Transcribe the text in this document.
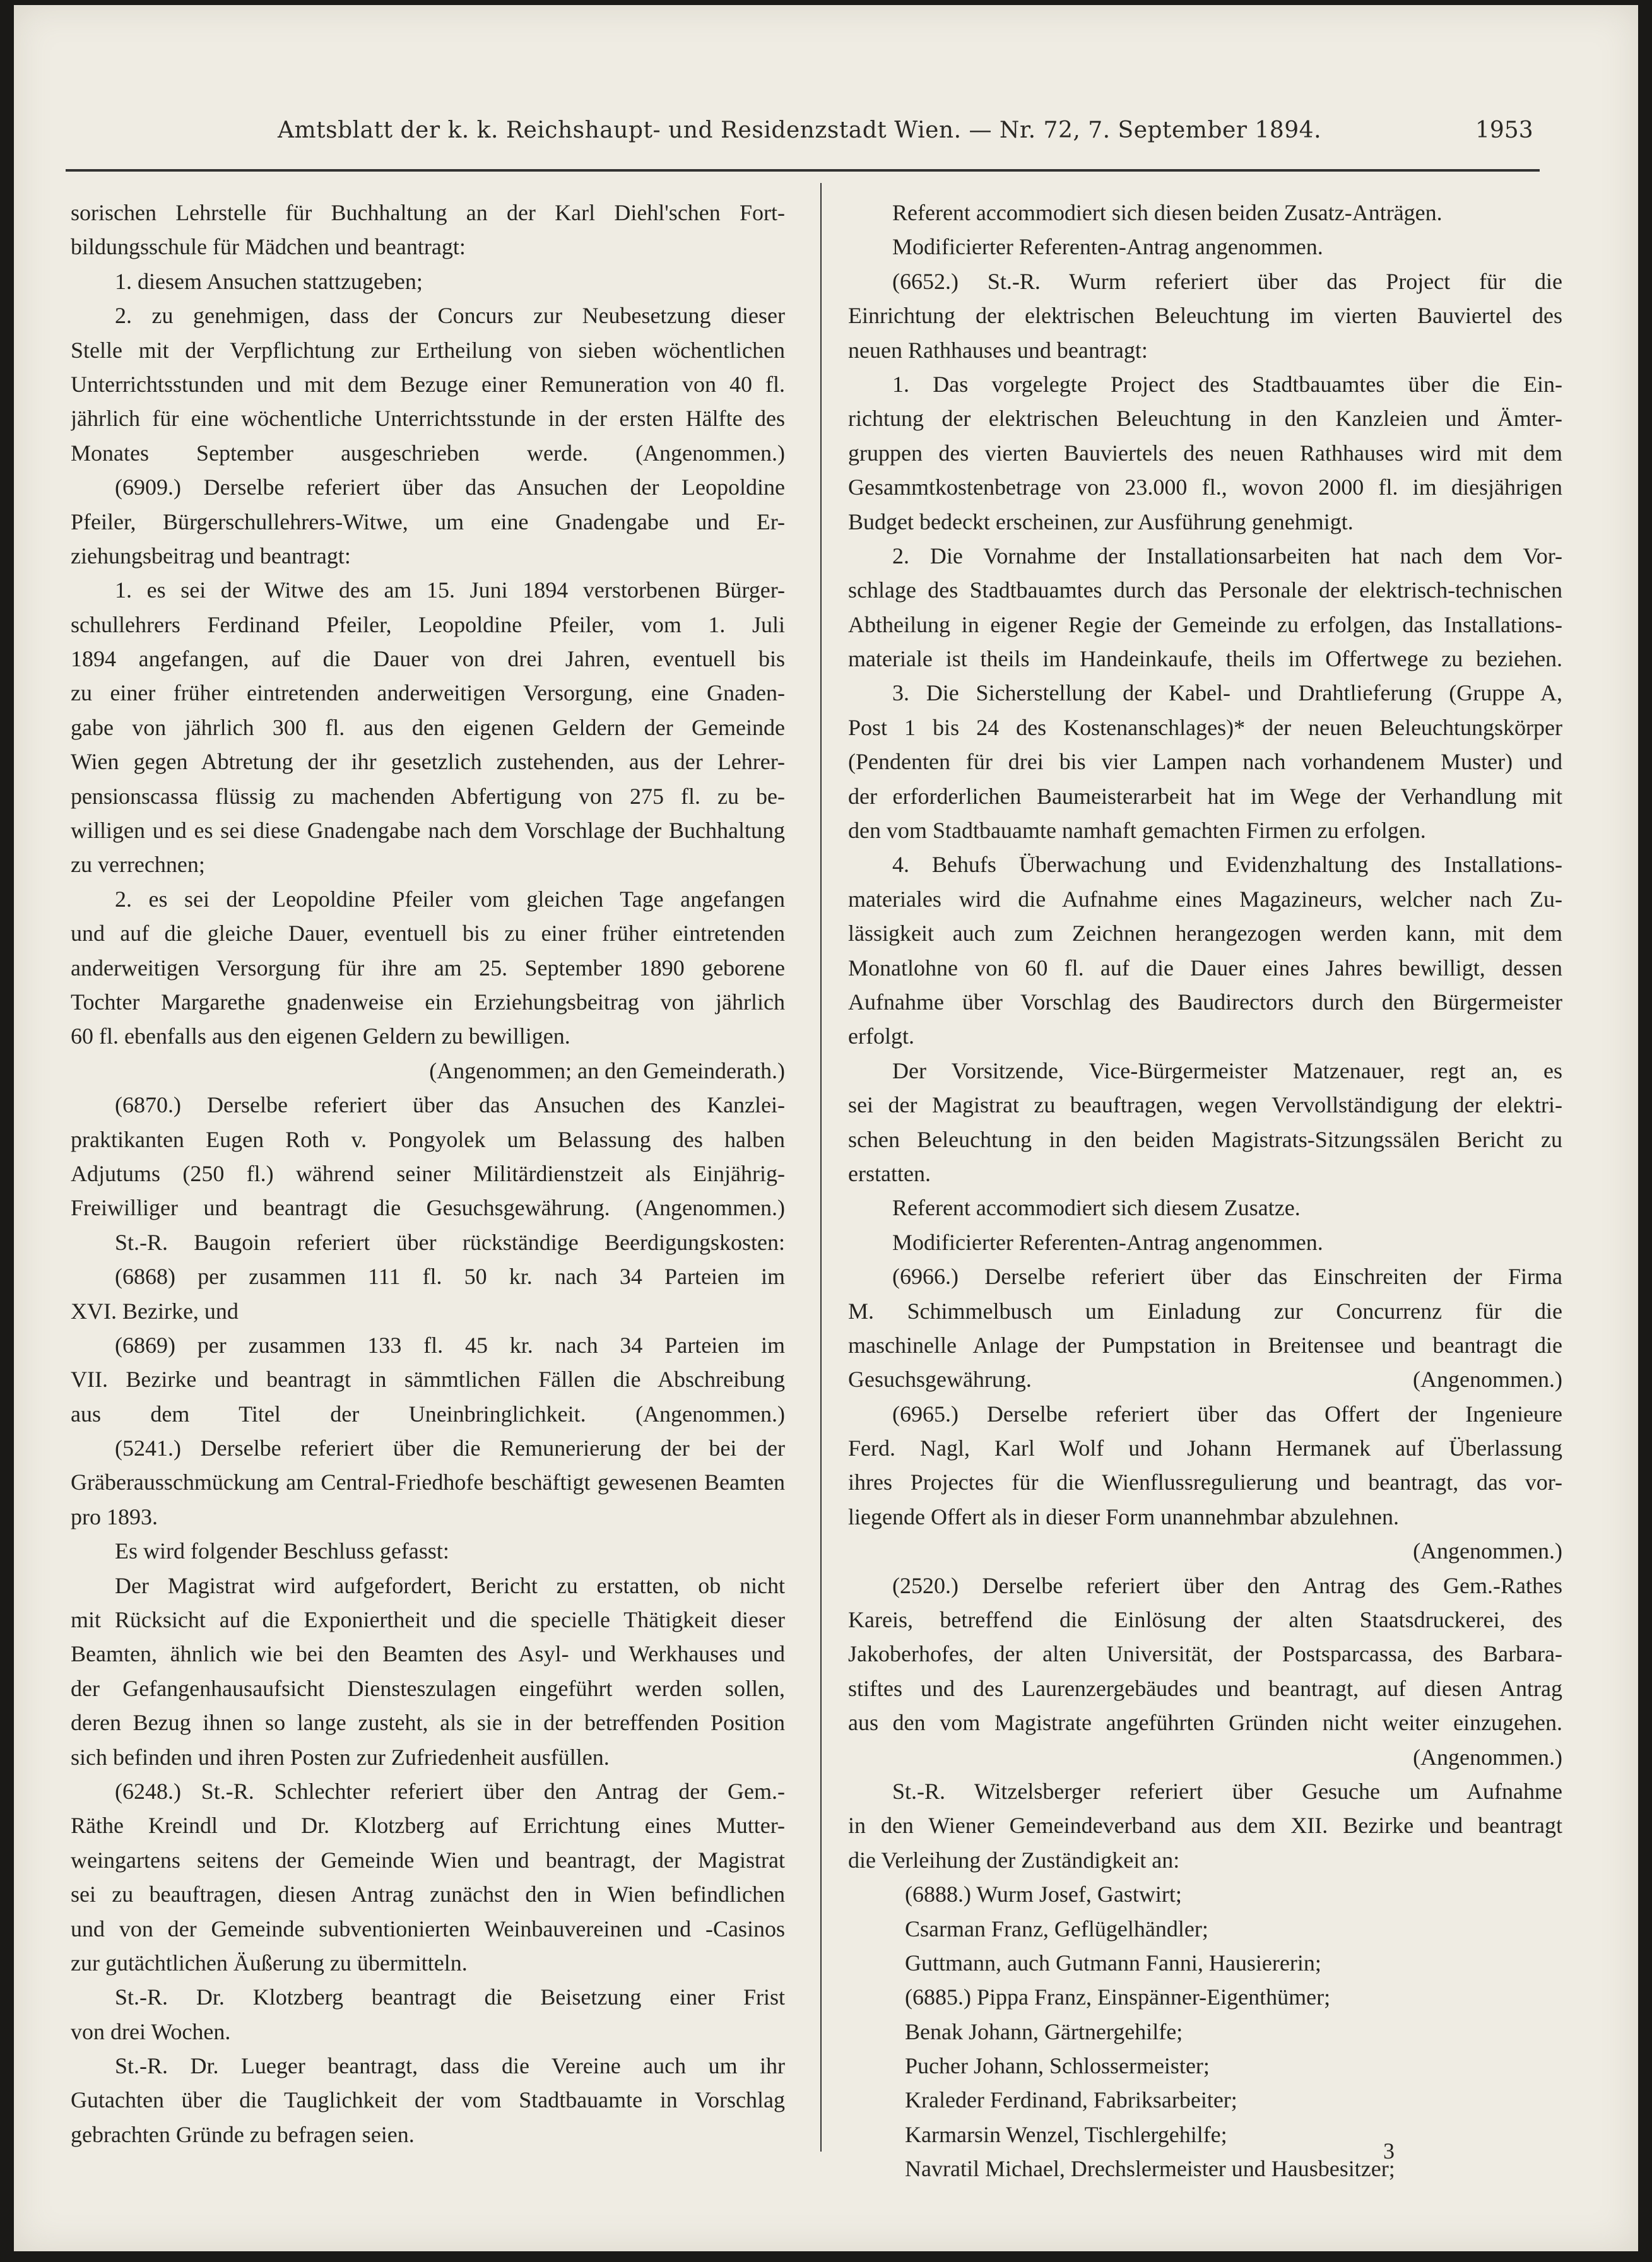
Amtsblatt der k. k. Reichshaupt- und Residenzstadt Wien. — Nr. 72, 7. September 1894.	1953
sorischen Lehrstelle für Buchhaltung an der Karl Diehl'schen Fort-
bildungsschule für Mädchen und beantragt:
1. diesem Ansuchen stattzugeben;
2. zu genehmigen, dass der Concurs zur Neubesetzung dieser
Stelle mit der Verpflichtung zur Ertheilung von sieben wöchentlichen
Unterrichtsstunden und mit dem Bezuge einer Remuneration von 40 fl.
jährlich für eine wöchentliche Unterrichtsstunde in der ersten Hälfte des
Monates September ausgeschrieben werde. (Angenommen.)
(6909.) Derselbe referiert über das Ansuchen der Leopoldine
Pfeiler, Bürgerschullehrers-Witwe, um eine Gnadengabe und Er-
ziehungsbeitrag und beantragt:
1. es sei der Witwe des am 15. Juni 1894 verstorbenen Bürger-
schullehrers Ferdinand Pfeiler, Leopoldine Pfeiler, vom 1. Juli
1894 angefangen, auf die Dauer von drei Jahren, eventuell bis
zu einer früher eintretenden anderweitigen Versorgung, eine Gnaden-
gabe von jährlich 300 fl. aus den eigenen Geldern der Gemeinde
Wien gegen Abtretung der ihr gesetzlich zustehenden, aus der Lehrer-
pensionscassa flüssig zu machenden Abfertigung von 275 fl. zu be-
willigen und es sei diese Gnadengabe nach dem Vorschlage der Buchhaltung
zu verrechnen;
2. es sei der Leopoldine Pfeiler vom gleichen Tage angefangen
und auf die gleiche Dauer, eventuell bis zu einer früher eintretenden
anderweitigen Versorgung für ihre am 25. September 1890 geborene
Tochter Margarethe gnadenweise ein Erziehungsbeitrag von jährlich
60 fl. ebenfalls aus den eigenen Geldern zu bewilligen.
(Angenommen; an den Gemeinderath.)
(6870.) Derselbe referiert über das Ansuchen des Kanzlei-
praktikanten Eugen Roth v. Pongyolek um Belassung des halben
Adjutums (250 fl.) während seiner Militärdienstzeit als Einjährig-
Freiwilliger und beantragt die Gesuchsgewährung. (Angenommen.)
St.-R. Baugoin referiert über rückständige Beerdigungskosten:
(6868) per zusammen 111 fl. 50 kr. nach 34 Parteien im
XVI. Bezirke, und
(6869) per zusammen 133 fl. 45 kr. nach 34 Parteien im
VII. Bezirke und beantragt in sämmtlichen Fällen die Abschreibung
aus dem Titel der Uneinbringlichkeit. (Angenommen.)
(5241.) Derselbe referiert über die Remunerierung der bei der
Gräberausschmückung am Central-Friedhofe beschäftigt gewesenen Beamten
pro 1893.
Es wird folgender Beschluss gefasst:
Der Magistrat wird aufgefordert, Bericht zu erstatten, ob nicht
mit Rücksicht auf die Exponiertheit und die specielle Thätigkeit dieser
Beamten, ähnlich wie bei den Beamten des Asyl- und Werkhauses und
der Gefangenhausaufsicht Diensteszulagen eingeführt werden sollen,
deren Bezug ihnen so lange zusteht, als sie in der betreffenden Position
sich befinden und ihren Posten zur Zufriedenheit ausfüllen.
(6248.) St.-R. Schlechter referiert über den Antrag der Gem.-
Räthe Kreindl und Dr. Klotzberg auf Errichtung eines Mutter-
weingartens seitens der Gemeinde Wien und beantragt, der Magistrat
sei zu beauftragen, diesen Antrag zunächst den in Wien befindlichen
und von der Gemeinde subventionierten Weinbauvereinen und -Casinos
zur gutächtlichen Äußerung zu übermitteln.
St.-R. Dr. Klotzberg beantragt die Beisetzung einer Frist
von drei Wochen.
St.-R. Dr. Lueger beantragt, dass die Vereine auch um ihr
Gutachten über die Tauglichkeit der vom Stadtbauamte in Vorschlag
gebrachten Gründe zu befragen seien.
Referent accommodiert sich diesen beiden Zusatz-Anträgen.
Modificierter Referenten-Antrag angenommen.
(6652.) St.-R. Wurm referiert über das Project für die
Einrichtung der elektrischen Beleuchtung im vierten Bauviertel des
neuen Rathhauses und beantragt:
1. Das vorgelegte Project des Stadtbauamtes über die Ein-
richtung der elektrischen Beleuchtung in den Kanzleien und Ämter-
gruppen des vierten Bauviertels des neuen Rathhauses wird mit dem
Gesammtkostenbetrage von 23.000 fl., wovon 2000 fl. im diesjährigen
Budget bedeckt erscheinen, zur Ausführung genehmigt.
2. Die Vornahme der Installationsarbeiten hat nach dem Vor-
schlage des Stadtbauamtes durch das Personale der elektrisch-technischen
Abtheilung in eigener Regie der Gemeinde zu erfolgen, das Installations-
materiale ist theils im Handeinkaufe, theils im Offertwege zu beziehen.
3. Die Sicherstellung der Kabel- und Drahtlieferung (Gruppe A,
Post 1 bis 24 des Kostenanschlages)* der neuen Beleuchtungskörper
(Pendenten für drei bis vier Lampen nach vorhandenem Muster) und
der erforderlichen Baumeisterarbeit hat im Wege der Verhandlung mit
den vom Stadtbauamte namhaft gemachten Firmen zu erfolgen.
4. Behufs Überwachung und Evidenzhaltung des Installations-
materiales wird die Aufnahme eines Magazineurs, welcher nach Zu-
lässigkeit auch zum Zeichnen herangezogen werden kann, mit dem
Monatlohne von 60 fl. auf die Dauer eines Jahres bewilligt, dessen
Aufnahme über Vorschlag des Baudirectors durch den Bürgermeister
erfolgt.
Der Vorsitzende, Vice-Bürgermeister Matzenauer, regt an, es
sei der Magistrat zu beauftragen, wegen Vervollständigung der elektri-
schen Beleuchtung in den beiden Magistrats-Sitzungssälen Bericht zu
erstatten.
Referent accommodiert sich diesem Zusatze.
Modificierter Referenten-Antrag angenommen.
(6966.) Derselbe referiert über das Einschreiten der Firma
M. Schimmelbusch um Einladung zur Concurrenz für die
maschinelle Anlage der Pumpstation in Breitensee und beantragt die
Gesuchsgewährung. (Angenommen.)
(6965.) Derselbe referiert über das Offert der Ingenieure
Ferd. Nagl, Karl Wolf und Johann Hermanek auf Überlassung
ihres Projectes für die Wienflussregulierung und beantragt, das vor-
liegende Offert als in dieser Form unannehmbar abzulehnen.
(Angenommen.)
(2520.) Derselbe referiert über den Antrag des Gem.-Rathes
Kareis, betreffend die Einlösung der alten Staatsdruckerei, des
Jakoberhofes, der alten Universität, der Postsparcassa, des Barbara-
stiftes und des Laurenzergebäudes und beantragt, auf diesen Antrag
aus den vom Magistrate angeführten Gründen nicht weiter einzugehen.
(Angenommen.)
St.-R. Witzelsberger referiert über Gesuche um Aufnahme
in den Wiener Gemeindeverband aus dem XII. Bezirke und beantragt
die Verleihung der Zuständigkeit an:
(6888.) Wurm Josef, Gastwirt;
Csarman Franz, Geflügelhändler;
Guttmann, auch Gutmann Fanni, Hausiererin;
(6885.) Pippa Franz, Einspänner-Eigenthümer;
Benak Johann, Gärtnergehilfe;
Pucher Johann, Schlossermeister;
Kraleder Ferdinand, Fabriksarbeiter;
Karmarsin Wenzel, Tischlergehilfe;
Navratil Michael, Drechslermeister und Hausbesitzer;
3
